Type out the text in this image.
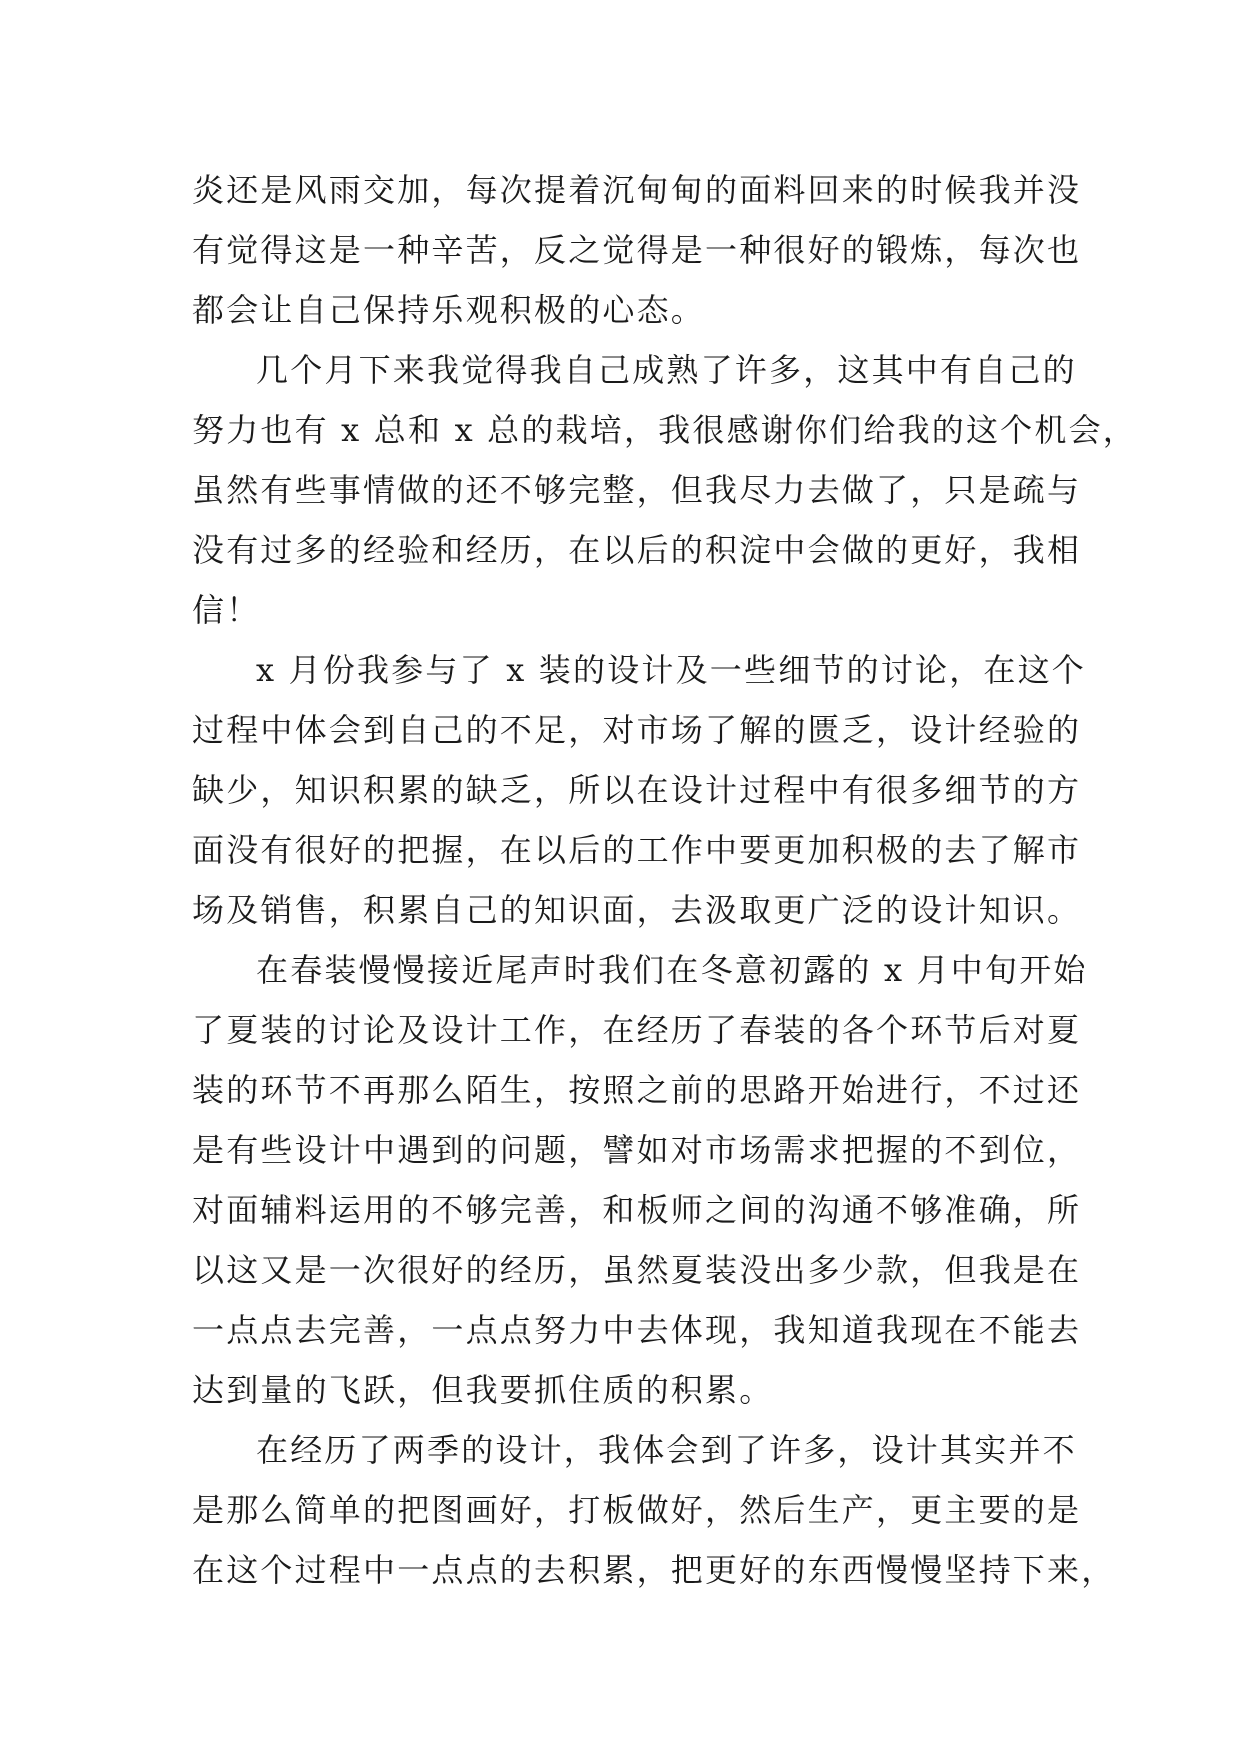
炎还是风雨交加，每次提着沉甸甸的面料回来的时候我并没
有觉得这是一种辛苦，反之觉得是一种很好的锻炼，每次也
都会让自己保持乐观积极的心态。
几个月下来我觉得我自己成熟了许多，这其中有自己的
努力也有 x 总和 x 总的栽培，我很感谢你们给我的这个机会，
虽然有些事情做的还不够完整，但我尽力去做了，只是疏与
没有过多的经验和经历，在以后的积淀中会做的更好，我相
信！
x 月份我参与了 x 装的设计及一些细节的讨论，在这个
过程中体会到自己的不足，对市场了解的匮乏，设计经验的
缺少，知识积累的缺乏，所以在设计过程中有很多细节的方
面没有很好的把握，在以后的工作中要更加积极的去了解市
场及销售，积累自己的知识面，去汲取更广泛的设计知识。
在春装慢慢接近尾声时我们在冬意初露的 x 月中旬开始
了夏装的讨论及设计工作，在经历了春装的各个环节后对夏
装的环节不再那么陌生，按照之前的思路开始进行，不过还
是有些设计中遇到的问题，譬如对市场需求把握的不到位，
对面辅料运用的不够完善，和板师之间的沟通不够准确，所
以这又是一次很好的经历，虽然夏装没出多少款，但我是在
一点点去完善，一点点努力中去体现，我知道我现在不能去
达到量的飞跃，但我要抓住质的积累。
在经历了两季的设计，我体会到了许多，设计其实并不
是那么简单的把图画好，打板做好，然后生产，更主要的是
在这个过程中一点点的去积累，把更好的东西慢慢坚持下来，
